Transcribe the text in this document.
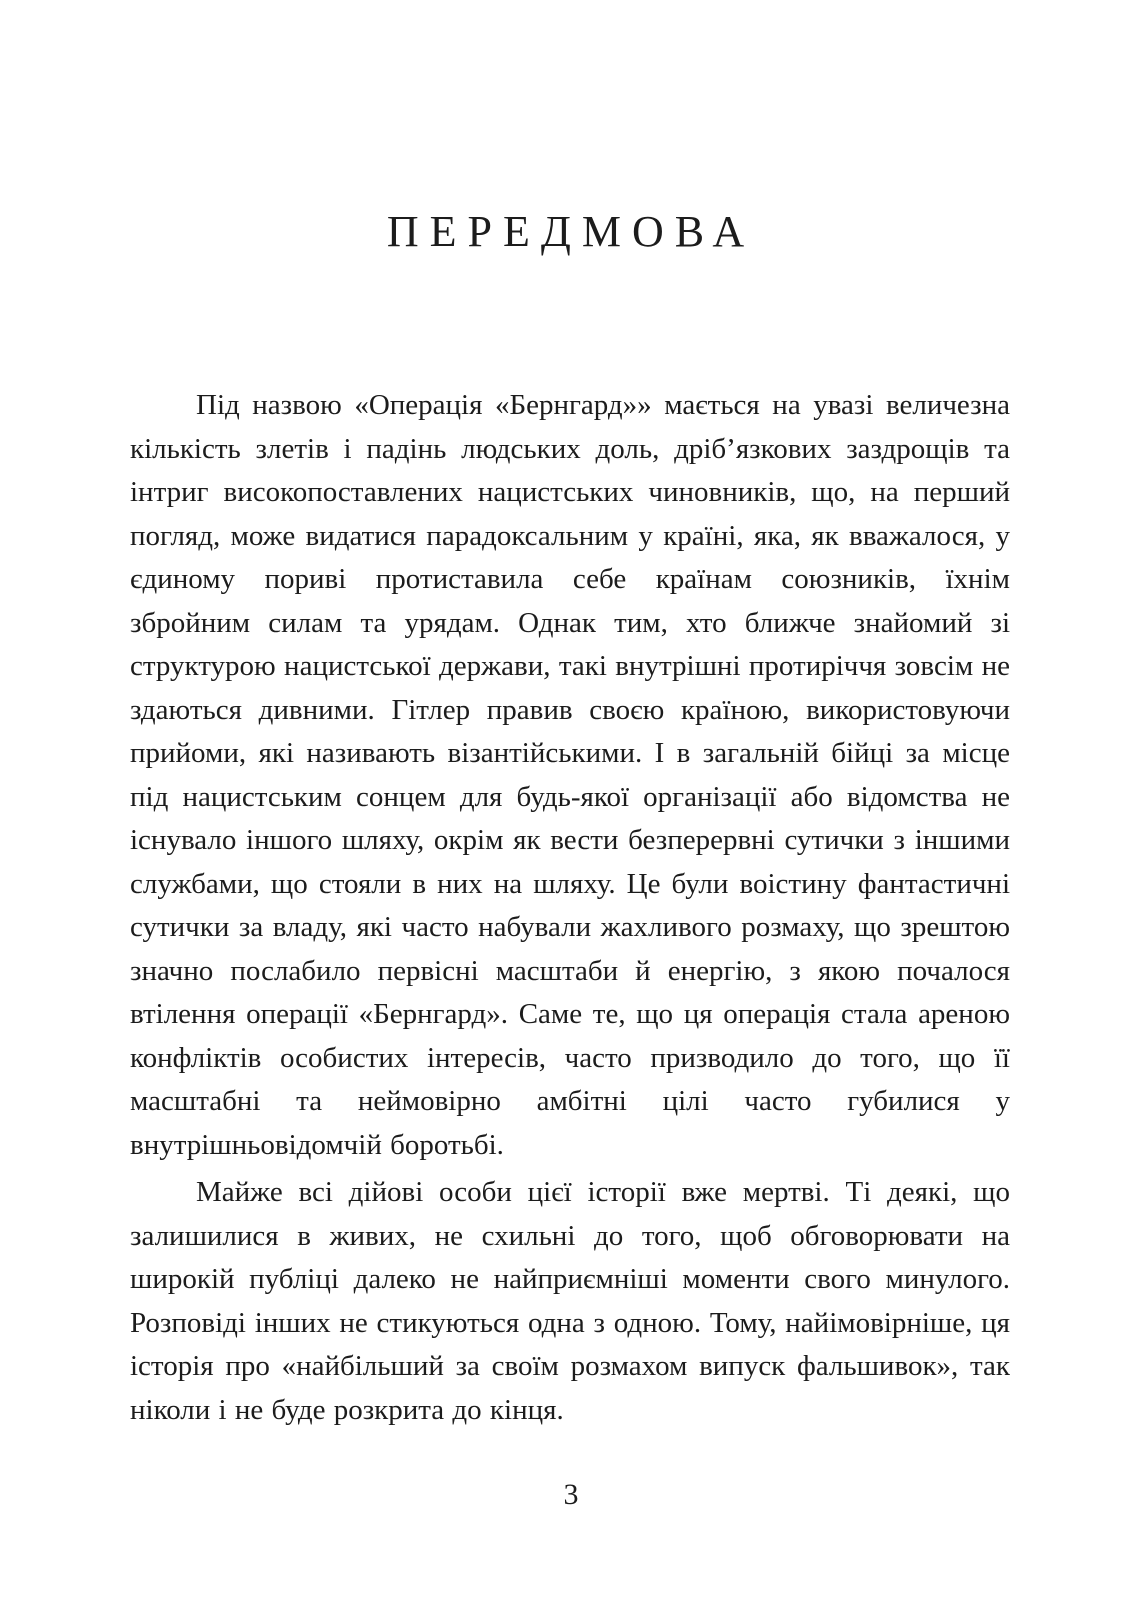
ПЕРЕДМОВА

Під назвою «Операція «Бернгард»» мається на увазі величезна кількість злетів і падінь людських доль, дріб’язкових заздрощів та інтриг високопоставлених нацистських чиновників, що, на перший погляд, може видатися парадоксальним у країні, яка, як вважалося, у єдиному пориві протиставила себе країнам союзників, їхнім збройним силам та урядам. Однак тим, хто ближче знайомий зі структурою нацистської держави, такі внутрішні протиріччя зовсім не здаються дивними. Гітлер правив своєю країною, використовуючи прийоми, які називають візантійськими. І в загальній бійці за місце під нацистським сонцем для будь-якої організації або відомства не існувало іншого шляху, окрім як вести безперервні сутички з іншими службами, що стояли в них на шляху. Це були воістину фантастичні сутички за владу, які часто набували жахливого розмаху, що зрештою значно послабило первісні масштаби й енергію, з якою почалося втілення операції «Бернгард». Саме те, що ця операція стала ареною конфліктів особистих інтересів, часто призводило до того, що її масштабні та неймовірно амбітні цілі часто губилися у внутрішньовідомчій боротьбі.

Майже всі дійові особи цієї історії вже мертві. Ті деякі, що залишилися в живих, не схильні до того, щоб обговорювати на широкій публіці далеко не найприємніші моменти свого минулого. Розповіді інших не стикуються одна з одною. Тому, найімовірніше, ця історія про «найбільший за своїм розмахом випуск фальшивок», так ніколи і не буде розкрита до кінця.

3
